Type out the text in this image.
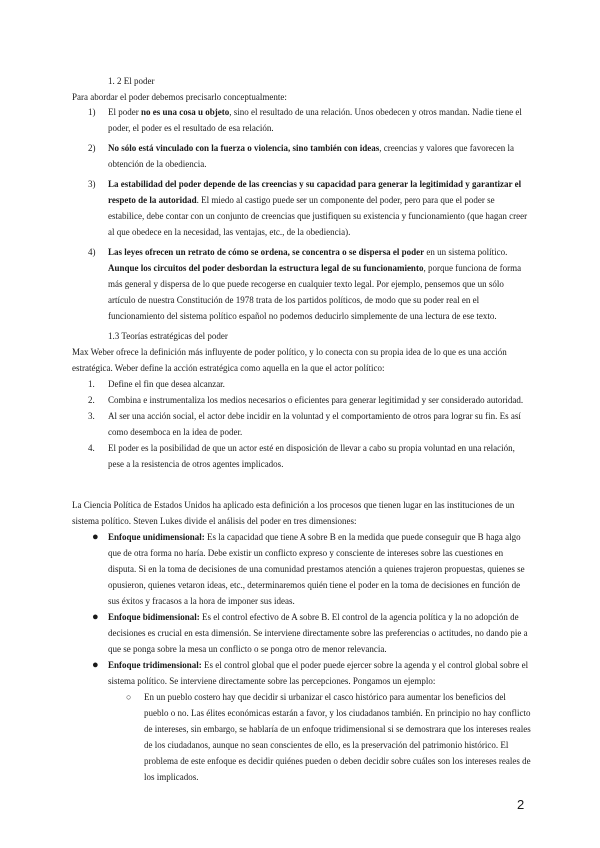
1. 2 El poder
Para abordar el poder debemos precisarlo conceptualmente:
1) El poder no es una cosa u objeto, sino el resultado de una relación. Unos obedecen y otros mandan. Nadie tiene el poder, el poder es el resultado de esa relación.
2) No sólo está vinculado con la fuerza o violencia, sino también con ideas, creencias y valores que favorecen la obtención de la obediencia.
3) La estabilidad del poder depende de las creencias y su capacidad para generar la legitimidad y garantizar el respeto de la autoridad. El miedo al castigo puede ser un componente del poder, pero para que el poder se estabilice, debe contar con un conjunto de creencias que justifiquen su existencia y funcionamiento (que hagan creer al que obedece en la necesidad, las ventajas, etc., de la obediencia).
4) Las leyes ofrecen un retrato de cómo se ordena, se concentra o se dispersa el poder en un sistema político. Aunque los circuitos del poder desbordan la estructura legal de su funcionamiento, porque funciona de forma más general y dispersa de lo que puede recogerse en cualquier texto legal. Por ejemplo, pensemos que un sólo artículo de nuestra Constitución de 1978 trata de los partidos políticos, de modo que su poder real en el funcionamiento del sistema político español no podemos deducirlo simplemente de una lectura de ese texto.
1.3 Teorías estratégicas del poder
Max Weber ofrece la definición más influyente de poder político, y lo conecta con su propia idea de lo que es una acción estratégica. Weber define la acción estratégica como aquella en la que el actor político:
1. Define el fin que desea alcanzar.
2. Combina e instrumentaliza los medios necesarios o eficientes para generar legitimidad y ser considerado autoridad.
3. Al ser una acción social, el actor debe incidir en la voluntad y el comportamiento de otros para lograr su fin. Es así como desemboca en la idea de poder.
4. El poder es la posibilidad de que un actor esté en disposición de llevar a cabo su propia voluntad en una relación, pese a la resistencia de otros agentes implicados.
La Ciencia Política de Estados Unidos ha aplicado esta definición a los procesos que tienen lugar en las instituciones de un sistema político. Steven Lukes divide el análisis del poder en tres dimensiones:
● Enfoque unidimensional: Es la capacidad que tiene A sobre B en la medida que puede conseguir que B haga algo que de otra forma no haría. Debe existir un conflicto expreso y consciente de intereses sobre las cuestiones en disputa. Si en la toma de decisiones de una comunidad prestamos atención a quienes trajeron propuestas, quienes se opusieron, quienes vetaron ideas, etc., determinaremos quién tiene el poder en la toma de decisiones en función de sus éxitos y fracasos a la hora de imponer sus ideas.
● Enfoque bidimensional: Es el control efectivo de A sobre B. El control de la agencia política y la no adopción de decisiones es crucial en esta dimensión. Se interviene directamente sobre las preferencias o actitudes, no dando pie a que se ponga sobre la mesa un conflicto o se ponga otro de menor relevancia.
● Enfoque tridimensional: Es el control global que el poder puede ejercer sobre la agenda y el control global sobre el sistema político. Se interviene directamente sobre las percepciones. Pongamos un ejemplo:
○ En un pueblo costero hay que decidir si urbanizar el casco histórico para aumentar los beneficios del pueblo o no. Las élites económicas estarán a favor, y los ciudadanos también. En principio no hay conflicto de intereses, sin embargo, se hablaría de un enfoque tridimensional si se demostrara que los intereses reales de los ciudadanos, aunque no sean conscientes de ello, es la preservación del patrimonio histórico. El problema de este enfoque es decidir quiénes pueden o deben decidir sobre cuáles son los intereses reales de los implicados.
2
